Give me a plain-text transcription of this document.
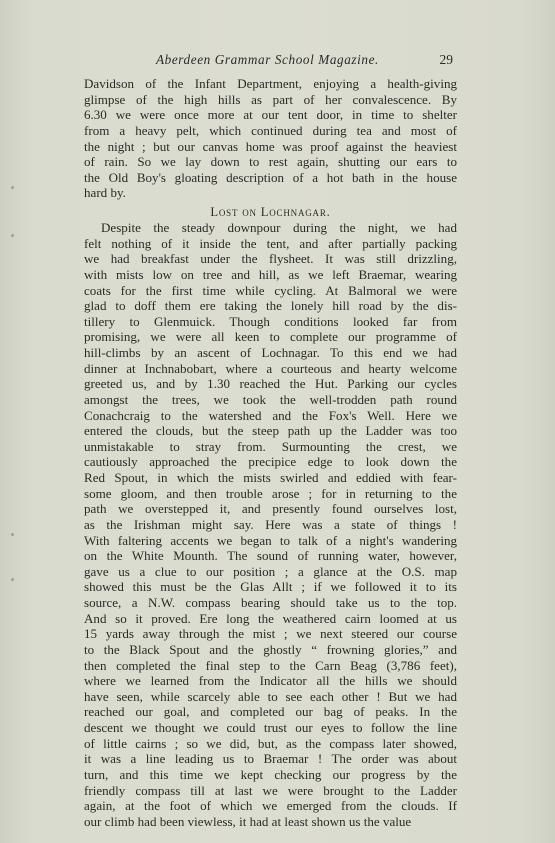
Aberdeen Grammar School Magazine.	29
Davidson of the Infant Department, enjoying a health-giving
glimpse of the high hills as part of her convalescence. By
6.30 we were once more at our tent door, in time to shelter
from a heavy pelt, which continued during tea and most of
the night ; but our canvas home was proof against the heaviest
of rain. So we lay down to rest again, shutting our ears to
the Old Boy's gloating description of a hot bath in the house
hard by.
Lost on Lochnagar.
Despite the steady downpour during the night, we had
felt nothing of it inside the tent, and after partially packing
we had breakfast under the flysheet. It was still drizzling,
with mists low on tree and hill, as we left Braemar, wearing
coats for the first time while cycling. At Balmoral we were
glad to doff them ere taking the lonely hill road by the dis-
tillery to Glenmuick. Though conditions looked far from
promising, we were all keen to complete our programme of
hill-climbs by an ascent of Lochnagar. To this end we had
dinner at Inchnabobart, where a courteous and hearty welcome
greeted us, and by 1.30 reached the Hut. Parking our cycles
amongst the trees, we took the well-trodden path round
Conachcraig to the watershed and the Fox's Well. Here we
entered the clouds, but the steep path up the Ladder was too
unmistakable to stray from. Surmounting the crest, we
cautiously approached the precipice edge to look down the
Red Spout, in which the mists swirled and eddied with fear-
some gloom, and then trouble arose ; for in returning to the
path we overstepped it, and presently found ourselves lost,
as the Irishman might say. Here was a state of things !
With faltering accents we began to talk of a night's wandering
on the White Mounth. The sound of running water, however,
gave us a clue to our position ; a glance at the O.S. map
showed this must be the Glas Allt ; if we followed it to its
source, a N.W. compass bearing should take us to the top.
And so it proved. Ere long the weathered cairn loomed at us
15 yards away through the mist ; we next steered our course
to the Black Spout and the ghostly “ frowning glories,” and
then completed the final step to the Carn Beag (3,786 feet),
where we learned from the Indicator all the hills we should
have seen, while scarcely able to see each other ! But we had
reached our goal, and completed our bag of peaks. In the
descent we thought we could trust our eyes to follow the line
of little cairns ; so we did, but, as the compass later showed,
it was a line leading us to Braemar ! The order was about
turn, and this time we kept checking our progress by the
friendly compass till at last we were brought to the Ladder
again, at the foot of which we emerged from the clouds. If
our climb had been viewless, it had at least shown us the value
